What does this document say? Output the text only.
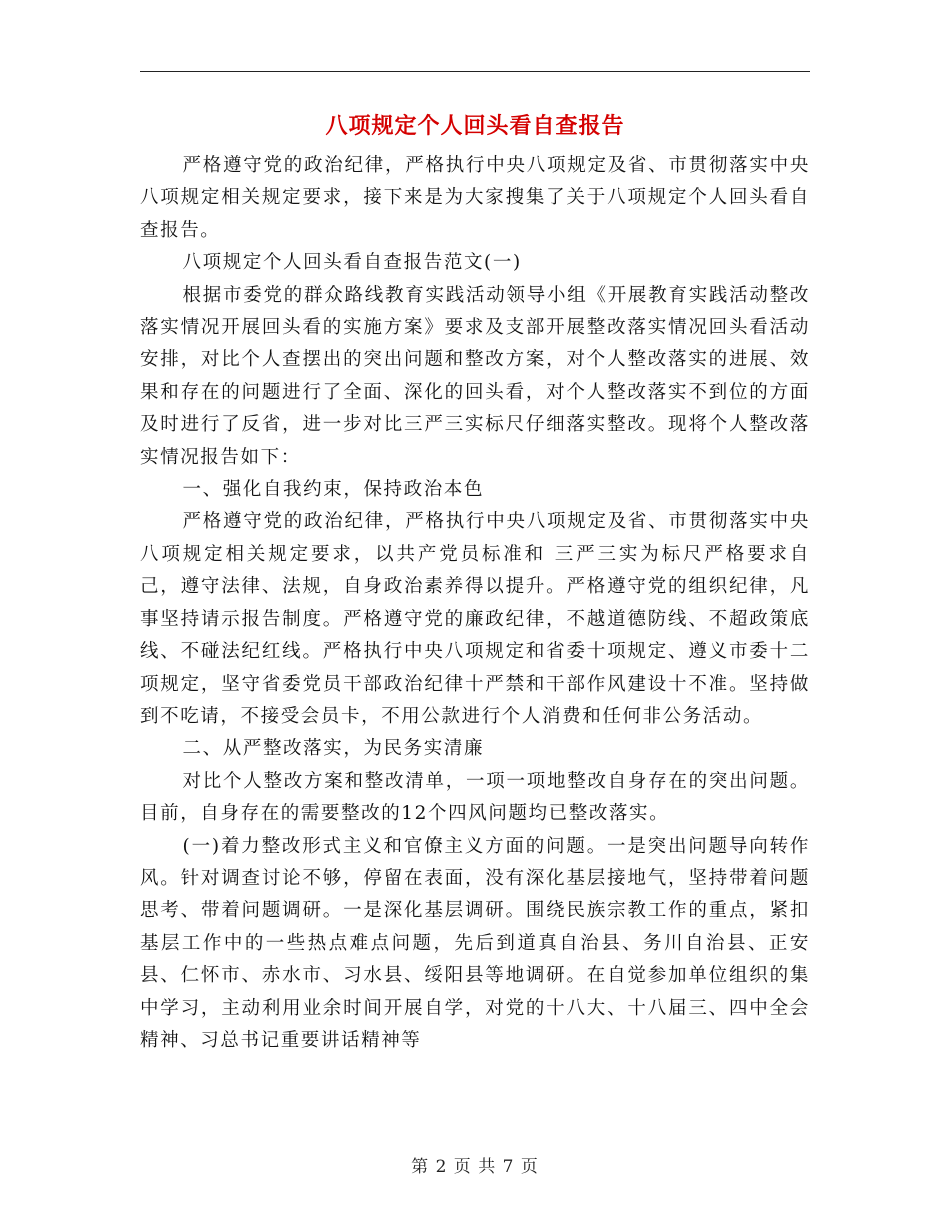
八项规定个人回头看自查报告

严格遵守党的政治纪律，严格执行中央八项规定及省、市贯彻落实中央八项规定相关规定要求，接下来是为大家搜集了关于八项规定个人回头看自查报告。

八项规定个人回头看自查报告范文(一)

根据市委党的群众路线教育实践活动领导小组《开展教育实践活动整改落实情况开展回头看的实施方案》要求及支部开展整改落实情况回头看活动安排，对比个人查摆出的突出问题和整改方案，对个人整改落实的进展、效果和存在的问题进行了全面、深化的回头看，对个人整改落实不到位的方面及时进行了反省，进一步对比三严三实标尺仔细落实整改。现将个人整改落实情况报告如下：

一、强化自我约束，保持政治本色

严格遵守党的政治纪律，严格执行中央八项规定及省、市贯彻落实中央八项规定相关规定要求，以共产党员标准和 三严三实为标尺严格要求自己，遵守法律、法规，自身政治素养得以提升。严格遵守党的组织纪律，凡事坚持请示报告制度。严格遵守党的廉政纪律，不越道德防线、不超政策底线、不碰法纪红线。严格执行中央八项规定和省委十项规定、遵义市委十二项规定，坚守省委党员干部政治纪律十严禁和干部作风建设十不准。坚持做到不吃请，不接受会员卡，不用公款进行个人消费和任何非公务活动。

二、从严整改落实，为民务实清廉

对比个人整改方案和整改清单，一项一项地整改自身存在的突出问题。目前，自身存在的需要整改的12个四风问题均已整改落实。

(一)着力整改形式主义和官僚主义方面的问题。一是突出问题导向转作风。针对调查讨论不够，停留在表面，没有深化基层接地气，坚持带着问题思考、带着问题调研。一是深化基层调研。围绕民族宗教工作的重点，紧扣基层工作中的一些热点难点问题，先后到道真自治县、务川自治县、正安县、仁怀市、赤水市、习水县、绥阳县等地调研。在自觉参加单位组织的集中学习，主动利用业余时间开展自学，对党的十八大、十八届三、四中全会精神、习总书记重要讲话精神等

第 2 页 共 7 页
